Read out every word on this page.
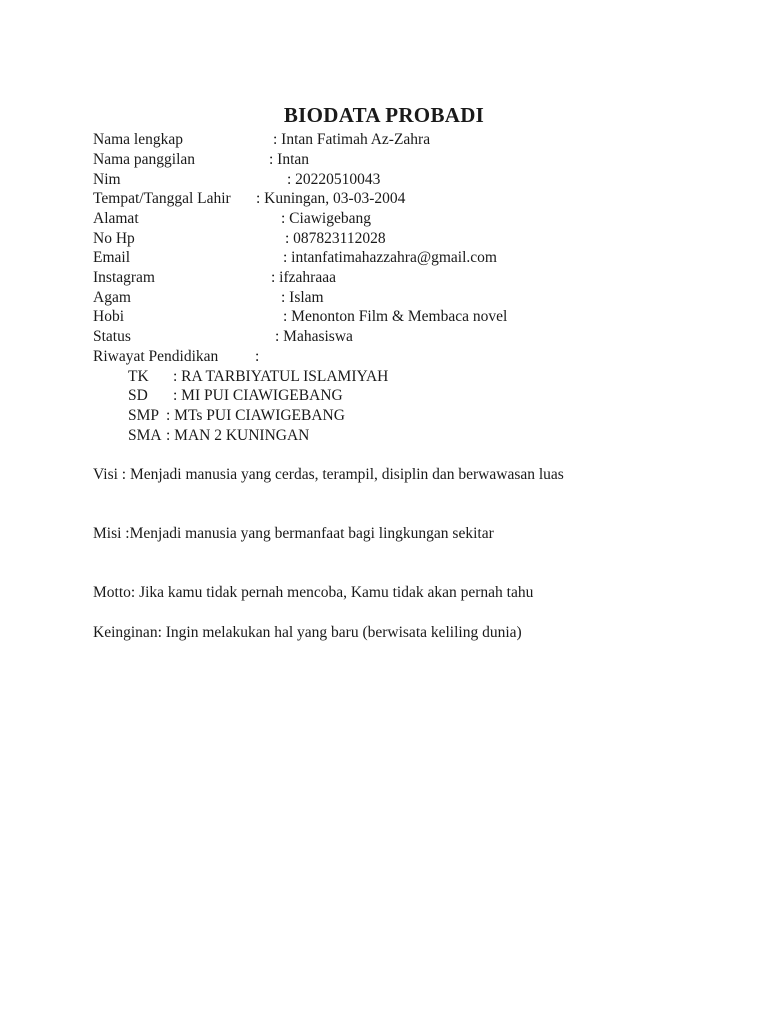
BIODATA PROBADI
Nama lengkap	: Intan Fatimah Az-Zahra
Nama panggilan	: Intan
Nim	: 20220510043
Tempat/Tanggal Lahir : Kuningan, 03-03-2004
Alamat	: Ciawigebang
No Hp	: 087823112028
Email	: intanfatimahazzahra@gmail.com
Instagram	: ifzahraaa
Agam	: Islam
Hobi	: Menonton Film & Membaca novel
Status	: Mahasiswa
Riwayat Pendidikan :
TK : RA TARBIYATUL ISLAMIYAH
SD : MI PUI CIAWIGEBANG
SMP : MTs PUI CIAWIGEBANG
SMA : MAN 2 KUNINGAN
Visi : Menjadi manusia yang cerdas, terampil, disiplin dan berwawasan luas
Misi :Menjadi manusia yang bermanfaat bagi lingkungan sekitar
Motto: Jika kamu tidak pernah mencoba, Kamu tidak akan pernah tahu
Keinginan: Ingin melakukan hal yang baru (berwisata keliling dunia)
